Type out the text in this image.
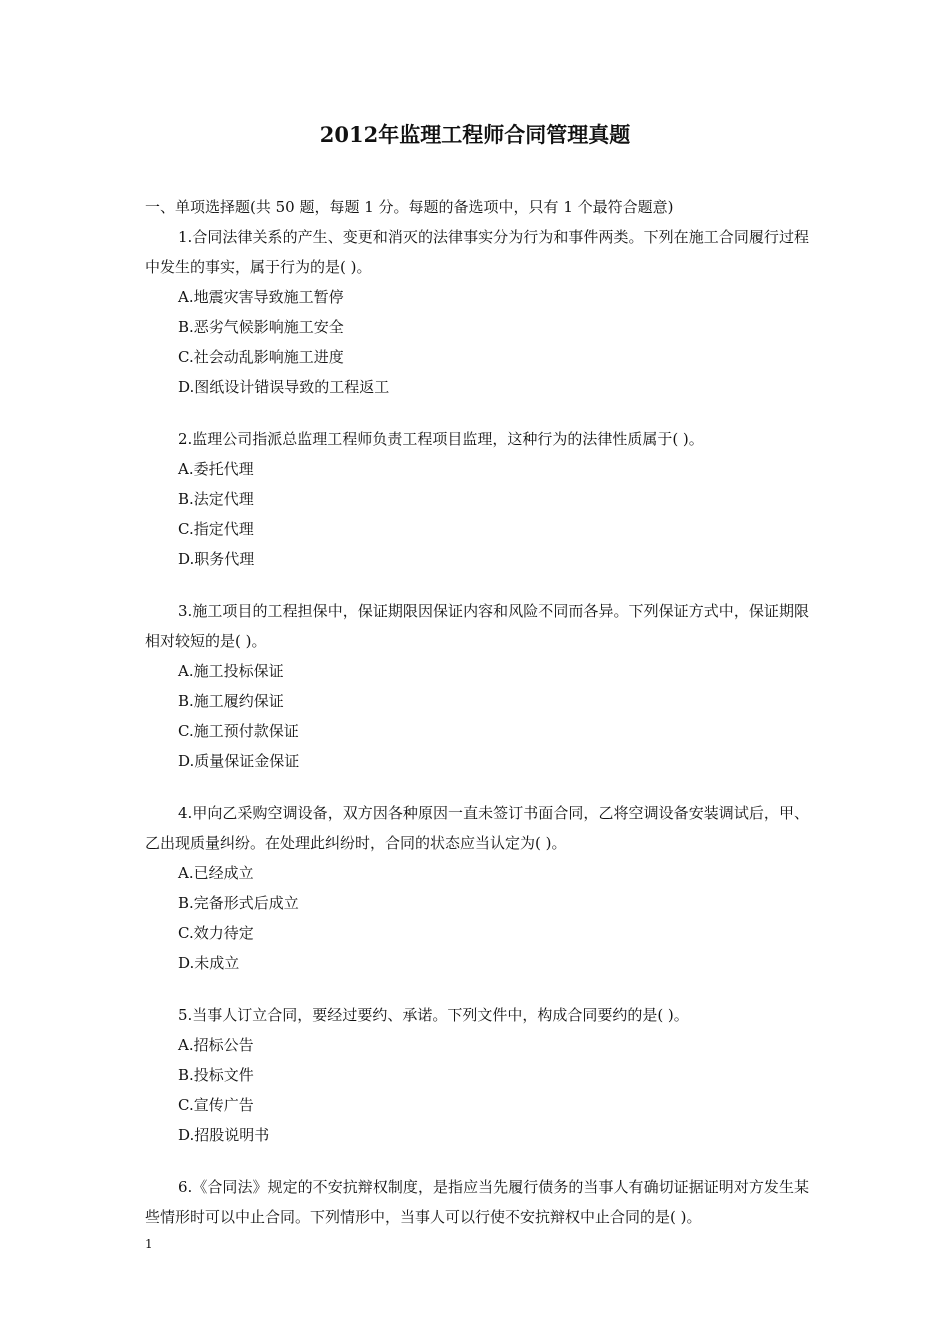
2012年监理工程师合同管理真题
一、单项选择题(共 50 题，每题 1 分。每题的备选项中，只有 1 个最符合题意)
1.合同法律关系的产生、变更和消灭的法律事实分为行为和事件两类。下列在施工合同履行过程中发生的事实，属于行为的是( )。
A.地震灾害导致施工暂停
B.恶劣气候影响施工安全
C.社会动乱影响施工进度
D.图纸设计错误导致的工程返工
2.监理公司指派总监理工程师负责工程项目监理，这种行为的法律性质属于( )。
A.委托代理
B.法定代理
C.指定代理
D.职务代理
3.施工项目的工程担保中，保证期限因保证内容和风险不同而各异。下列保证方式中，保证期限相对较短的是( )。
A.施工投标保证
B.施工履约保证
C.施工预付款保证
D.质量保证金保证
4.甲向乙采购空调设备，双方因各种原因一直未签订书面合同，乙将空调设备安装调试后，甲、乙出现质量纠纷。在处理此纠纷时，合同的状态应当认定为( )。
A.已经成立
B.完备形式后成立
C.效力待定
D.未成立
5.当事人订立合同，要经过要约、承诺。下列文件中，构成合同要约的是( )。
A.招标公告
B.投标文件
C.宣传广告
D.招股说明书
6.《合同法》规定的不安抗辩权制度，是指应当先履行债务的当事人有确切证据证明对方发生某些情形时可以中止合同。下列情形中，当事人可以行使不安抗辩权中止合同的是( )。
1
